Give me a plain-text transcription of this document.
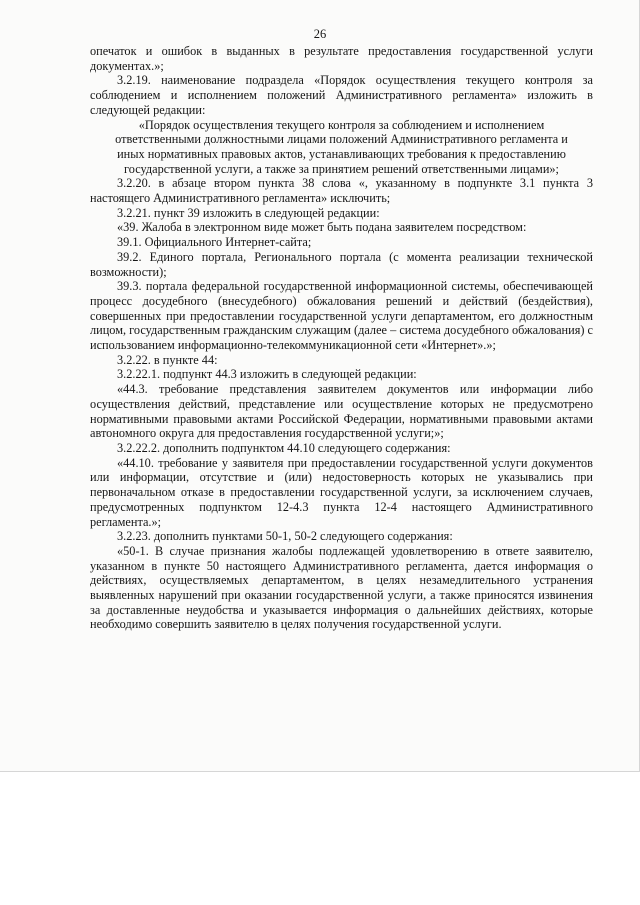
26

опечаток и ошибок в выданных в результате предоставления государственной услуги документах.»;

3.2.19. наименование подраздела «Порядок осуществления текущего контроля за соблюдением и исполнением положений Административного регламента» изложить в следующей редакции:

«Порядок осуществления текущего контроля за соблюдением и исполнением ответственными должностными лицами положений Административного регламента и иных нормативных правовых актов, устанавливающих требования к предоставлению государственной услуги, а также за принятием решений ответственными лицами»;

3.2.20. в абзаце втором пункта 38 слова «, указанному в подпункте 3.1 пункта 3 настоящего Административного регламента» исключить;

3.2.21. пункт 39 изложить в следующей редакции:

«39. Жалоба в электронном виде может быть подана заявителем посредством:

39.1. Официального Интернет-сайта;

39.2. Единого портала, Регионального портала (с момента реализации технической возможности);

39.3. портала федеральной государственной информационной системы, обеспечивающей процесс досудебного (внесудебного) обжалования решений и действий (бездействия), совершенных при предоставлении государственной услуги департаментом, его должностным лицом, государственным гражданским служащим (далее – система досудебного обжалования) с использованием информационно-телекоммуникационной сети «Интернет».»;

3.2.22. в пункте 44:

3.2.22.1. подпункт 44.3 изложить в следующей редакции:

«44.3. требование представления заявителем документов или информации либо осуществления действий, представление или осуществление которых не предусмотрено нормативными правовыми актами Российской Федерации, нормативными правовыми актами автономного округа для предоставления государственной услуги;»;

3.2.22.2. дополнить подпунктом 44.10 следующего содержания:

«44.10. требование у заявителя при предоставлении государственной услуги документов или информации, отсутствие и (или) недостоверность которых не указывались при первоначальном отказе в предоставлении государственной услуги, за исключением случаев, предусмотренных подпунктом 12-4.3 пункта 12-4 настоящего Административного регламента.»;

3.2.23. дополнить пунктами 50-1, 50-2 следующего содержания:

«50-1. В случае признания жалобы подлежащей удовлетворению в ответе заявителю, указанном в пункте 50 настоящего Административного регламента, дается информация о действиях, осуществляемых департаментом, в целях незамедлительного устранения выявленных нарушений при оказании государственной услуги, а также приносятся извинения за доставленные неудобства и указывается информация о дальнейших действиях, которые необходимо совершить заявителю в целях получения государственной услуги.
